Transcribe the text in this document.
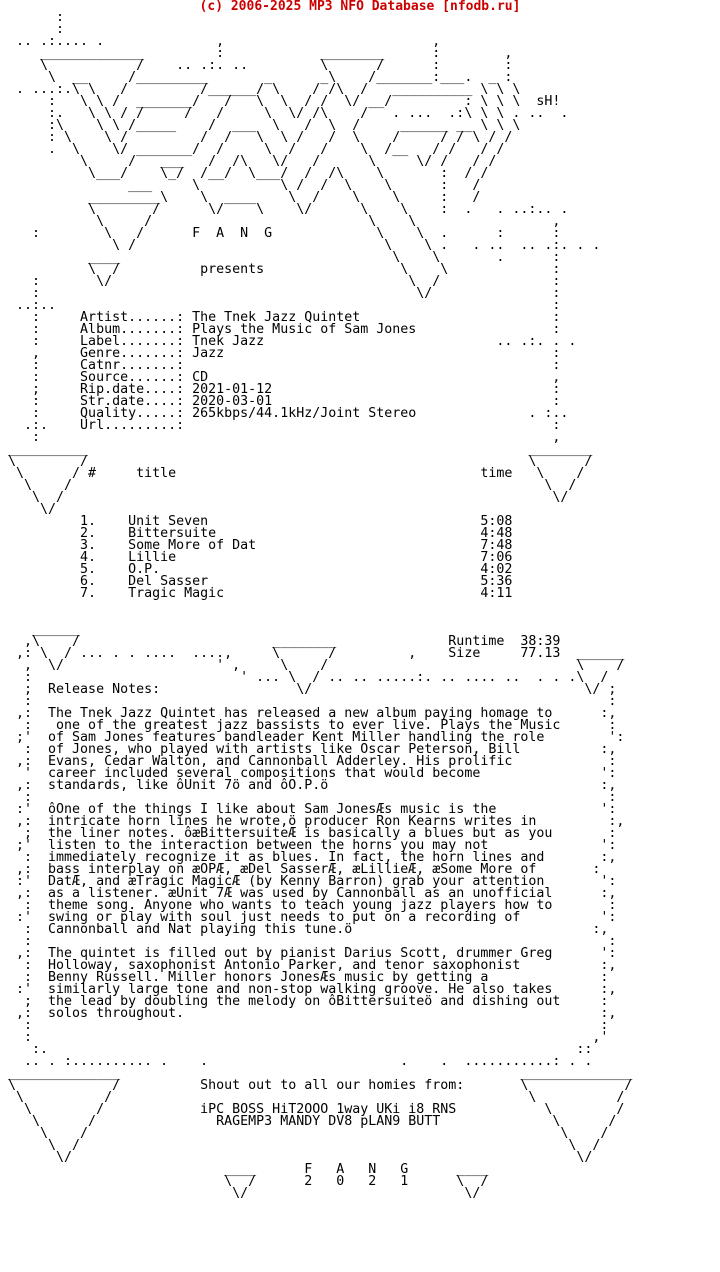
(c) 2006-2025 MP3 NFO Database [nfodb.ru]
:
:
.. .:.... .              ,                          ,
_____________         :            ________      :        ,
\           /    .. .:. ..         \      /      :        :
\  __     /_________       _      _\    /_______:___.  _ :
. ...:.\ \   /         /______/ \    / /\  /   __________ \ \ \
:   \ \ /  _______/   /   \  \  / /  \/ __/         : \ \ \  sH!
:.   \ \ / /     /   /     \  \/ /\    /   . ...  .:\ \ \ . ..  .
:\    \ \ /_____    /  ___  \   /  \  /     ______ __ \ \ \
: \    \ /         /  /   \  \ /   /  \    /     / / \ / /
.  \    \/ _______/  /     \  /   /    \  /__   / /   / /
\     /   ___   /  /\   \/   /      \     \/ /   / /
\___/    \_/  /__/  \___/  /  /\    \       :  / /
___     \          \ /  /  \    \      :   /
_________\    \  ____    \  /    \    \     :   /
\       /      \/    \    \/      \    \    :  .   . ..:.. .
\     /                           \    \                 ,
:        \   /      F  A  N  G             \    \  .      :      :
\ /                               \    \ .   . ..  .. .:. . .
____                                  \    \       .      :
\  /          presents                 \    \             :
:       \/                                     \  /              :
:                                               \/               :
..:..                                                              :
:     Artist......: The Tnek Jazz Quintet                        :
:     Album.......: Plays the Music of Sam Jones                 :
:     Label.......: Tnek Jazz                             .. .:. . .
,     Genre.......: Jazz                                         :
:     Catnr.......:                                              :
:     Source......: CD                                           ,
;     Rip.date....: 2021-01-12                                   :
:     Str.date....: 2020-03-01                                   :
:     Quality.....: 265kbps/44.1kHz/Joint Stereo              . :..
.:.    Url.........:                                              :
:                                                                ,
__________                                                       ________
\        /                                                       \      /
\      / #     title                                      time   \    /
\    /                                                           \  /
\  /                                                             \/
\/
1.    Unit Seven                                  5:08
2.    Bittersuite                                 4:48
3.    Some More of Dat                            7:48
4.    Lillie                                      7:06
5.    O.P.                                        4:02
6.    Del Sasser                                  5:36
7.    Tragic Magic                                4:11

______
,\    /                        ________              Runtime  38:39
,: \  / ... . . ....  ....,     \      /         ,    Size     77.13  ______
,  \/                   ' ,     \    /                               \    /
:                          ' ... \  / .. .. .....:. .. .... ..  . . .\  /
;  Release Notes:                 \/                                  \/ ;
:                                                                        :
,:  The Tnek Jazz Quintet has released a new album paying homage to      :,
:   one of the greatest jazz bassists to ever live. Plays the Music      :
;'  of Sam Jones features bandleader Kent Miller handling the role        ':
:  of Jones, who played with artists like Oscar Peterson, Bill          :,
,:  Evans, Cedar Walton, and Cannonball Adderley. His prolific            :
'  career included several compositions that would become               ':
,:  standards, like ôUnit 7ö and ôO.P.ö                                  :,
:                                                                        :
:'  ôOne of the things I like about Sam JonesÆs music is the             ':
,:  intricate horn lines he wrote,ö producer Ron Kearns writes in         :,
;  the liner notes. ôæBittersuiteÆ is basically a blues but as you       :
;'  listen to the interaction between the horns you may not              ':
:  immediately recognize it as blues. In fact, the horn lines and       :,
,:  bass interplay on æOPÆ, æDel SasserÆ, æLillieÆ, æSome More of       :
:'  DatÆ, and æTragic MagicÆ (by Kenny Barron) grab your attention       ':
,:  as a listener. æUnit 7Æ was used by Cannonball as an unofficial      :,
:  theme song. Anyone who wants to teach young jazz players how to       :
:'  swing or play with soul just needs to put on a recording of          ':
:  Cannonball and Nat playing this tune.ö                              :,
:                                                                        :
,:  The quintet is filled out by pianist Darius Scott, drummer Greg      ':
:  Holloway, saxophonist Antonio Parker, and tenor saxophonist          :,
:  Benny Russell. Miller honors JonesÆs music by getting a              :
:'  similarly large tone and non-stop walking groove. He also takes      :,
;  the lead by doubling the melody on ôBittersuiteö and dishing out     :
,:  solos throughout.                                                    :,
:                                                                       :
:                                                                      ,'
:.                                                                  ::
.. . :.......... .    .                        .    .  ...........: . .
______________                                                  ______________
\            /          Shout out to all our homies from:       \            /
\          /                                                    \          /
\        /            iPC BOSS HiT2OOO 1way UKi i8 RNS           \        /
\      /               RAGEMP3 MANDY DV8 pLAN9 BUTT              \      /
\    /                                                           \    /
\  /                                                             \  /
\/                                                               \/
____      F   A   N   G      ____
\  /      2   0   2   1      \  /
\/                           \/
